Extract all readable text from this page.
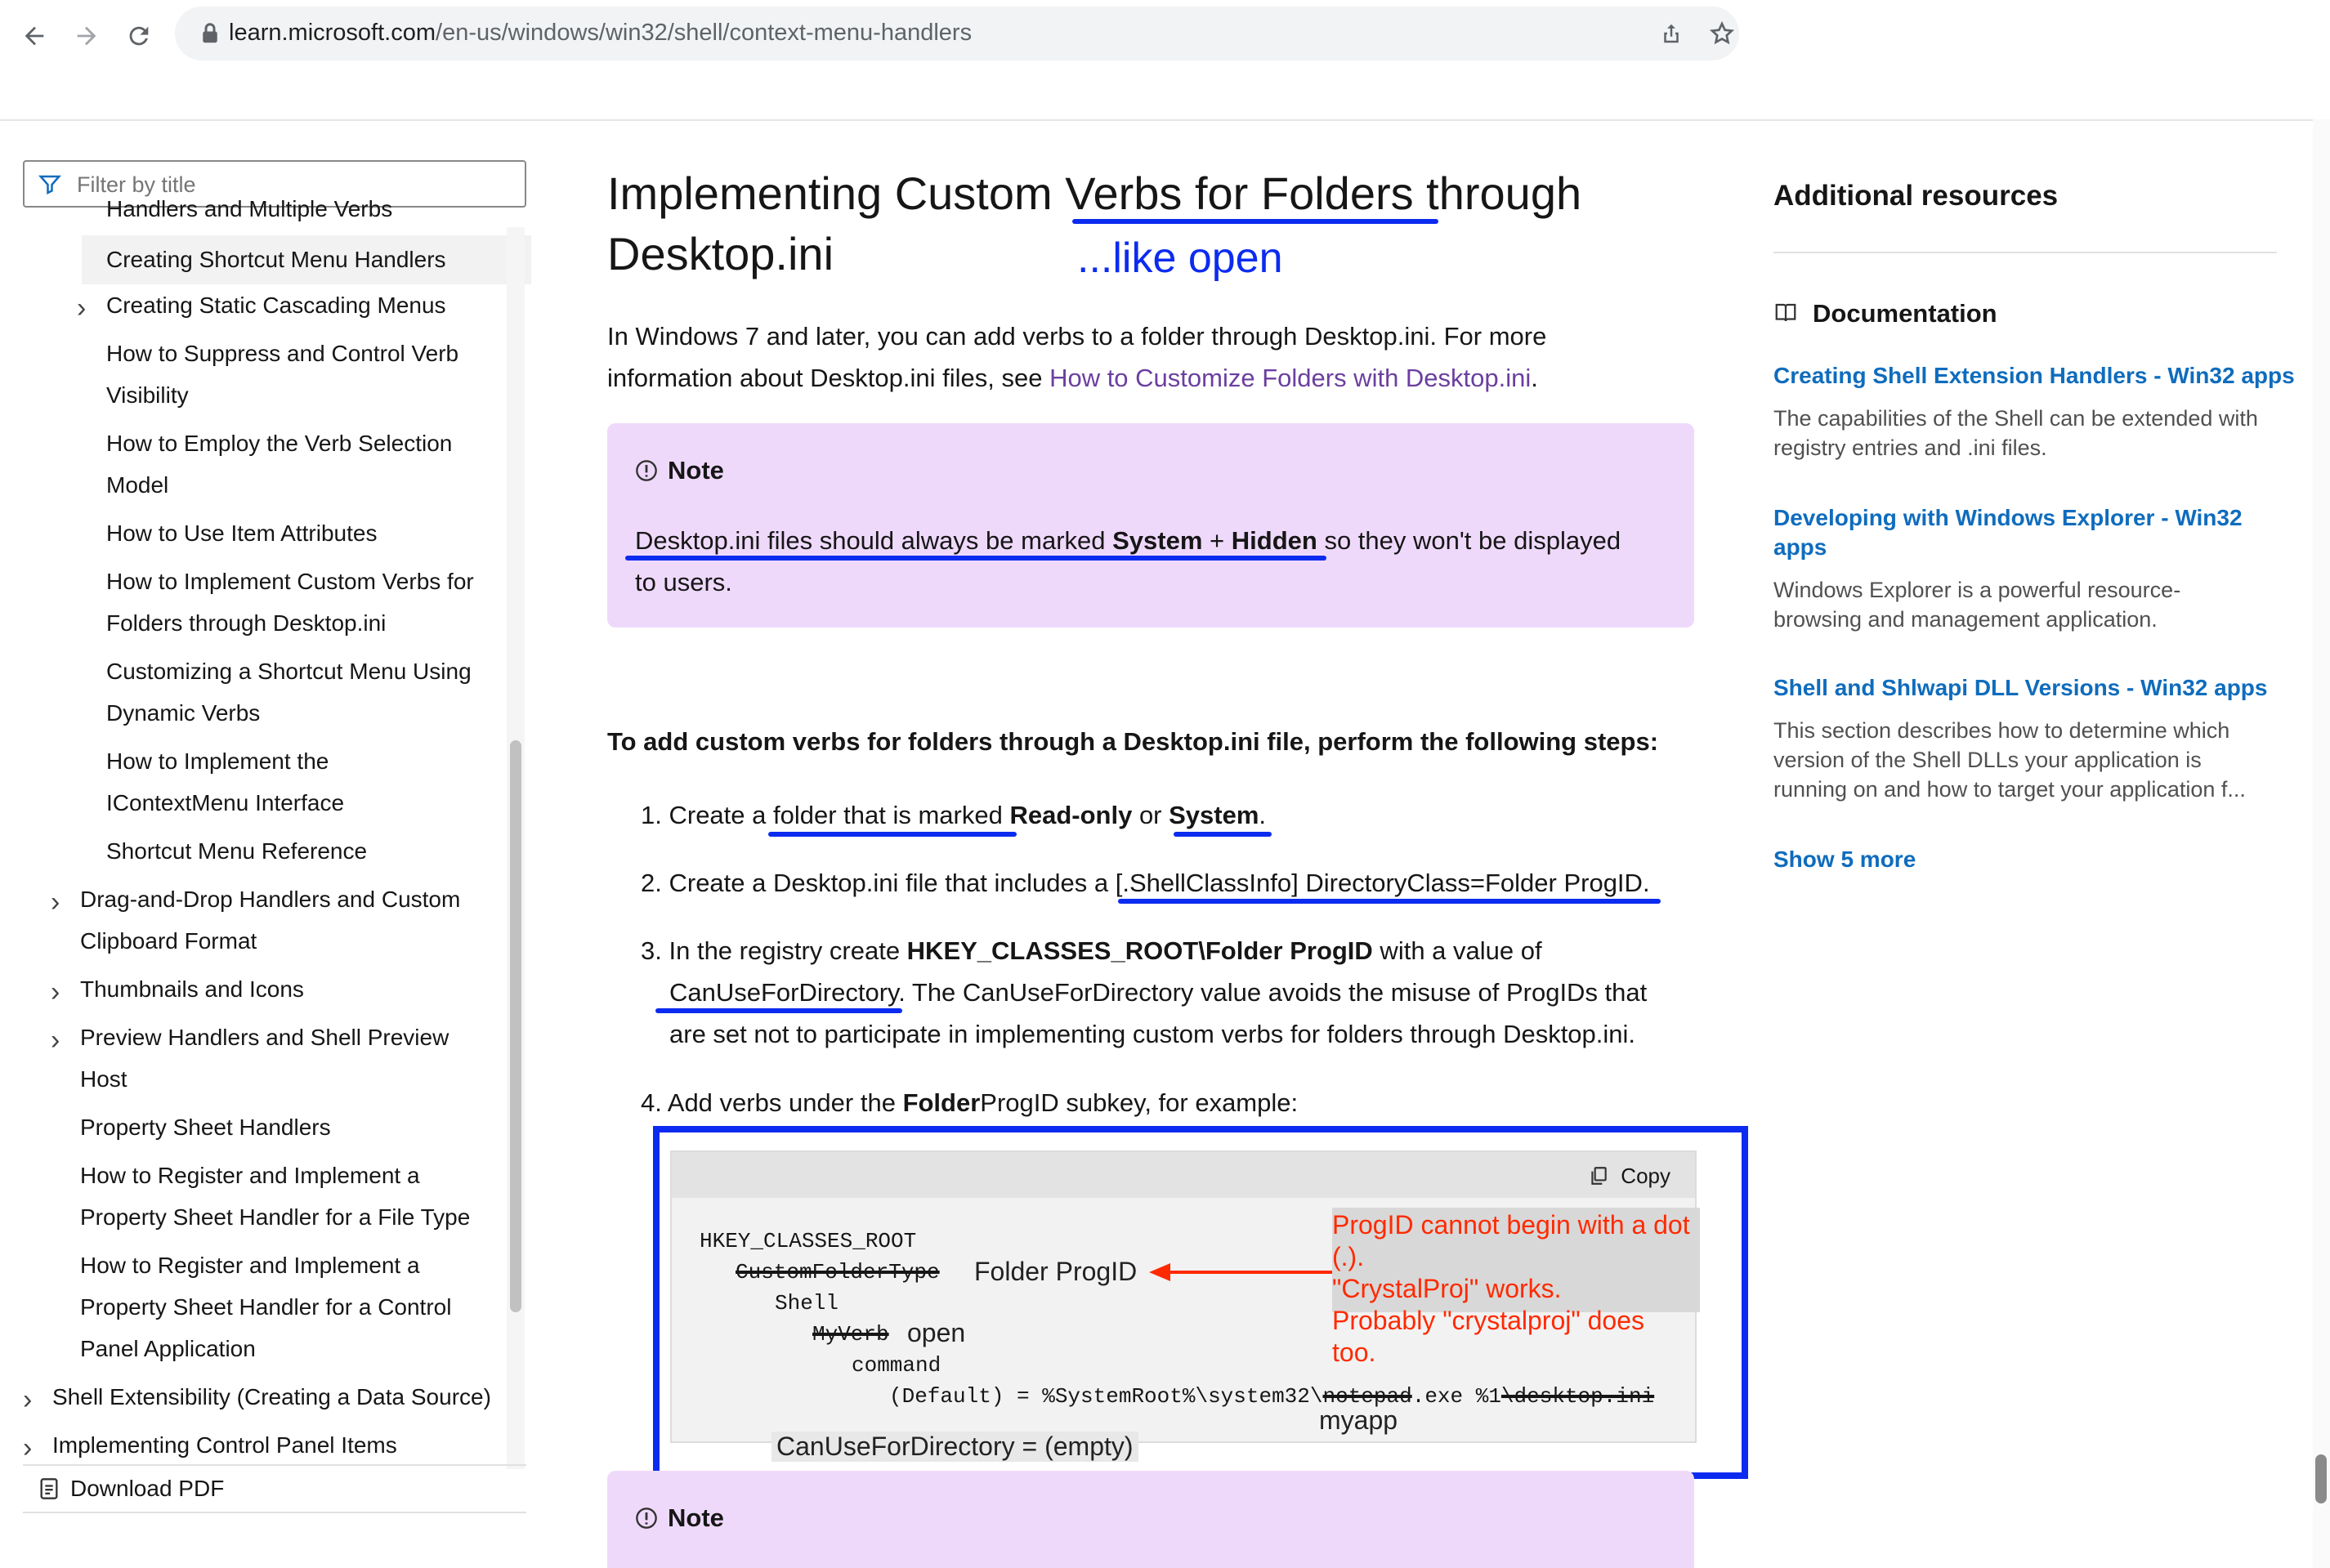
learn.microsoft.com/en-us/windows/win32/shell/context-menu-handlers
Filter by title
Handlers and Multiple Verbs
Creating Shortcut Menu Handlers
› Creating Static Cascading Menus
How to Suppress and Control Verb
Visibility
How to Employ the Verb Selection
Model
How to Use Item Attributes
How to Implement Custom Verbs for
Folders through Desktop.ini
Customizing a Shortcut Menu Using
Dynamic Verbs
How to Implement the
IContextMenu Interface
Shortcut Menu Reference
› Drag-and-Drop Handlers and Custom
Clipboard Format
› Thumbnails and Icons
› Preview Handlers and Shell Preview
Host
Property Sheet Handlers
How to Register and Implement a
Property Sheet Handler for a File Type
How to Register and Implement a
Property Sheet Handler for a Control
Panel Application
› Shell Extensibility (Creating a Data Source)
› Implementing Control Panel Items
Download PDF
Implementing Custom Verbs for Folders through
Desktop.ini	...like open
In Windows 7 and later, you can add verbs to a folder through Desktop.ini. For more
information about Desktop.ini files, see How to Customize Folders with Desktop.ini.
Note
Desktop.ini files should always be marked System + Hidden so they won't be displayed
to users.
To add custom verbs for folders through a Desktop.ini file, perform the following steps:
1. Create a folder that is marked Read-only or System.
2. Create a Desktop.ini file that includes a [.ShellClassInfo] DirectoryClass=Folder ProgID.
3. In the registry create HKEY_CLASSES_ROOT\Folder ProgID with a value of
CanUseForDirectory. The CanUseForDirectory value avoids the misuse of ProgIDs that
are set not to participate in implementing custom verbs for folders through Desktop.ini.
4. Add verbs under the FolderProgID subkey, for example:
Copy
HKEY_CLASSES_ROOT
CustomFolderType
Shell
MyVerb
command
(Default) = %SystemRoot%\system32\notepad.exe %1\desktop.ini
Folder ProgID
ProgID cannot begin with a dot (.).
"CrystalProj" works.
Probably "crystalproj" does too.
open
myapp
CanUseForDirectory = (empty)
Note
Additional resources
Documentation
Creating Shell Extension Handlers - Win32 apps
The capabilities of the Shell can be extended with
registry entries and .ini files.
Developing with Windows Explorer - Win32
apps
Windows Explorer is a powerful resource-
browsing and management application.
Shell and Shlwapi DLL Versions - Win32 apps
This section describes how to determine which
version of the Shell DLLs your application is
running on and how to target your application f...
Show 5 more
